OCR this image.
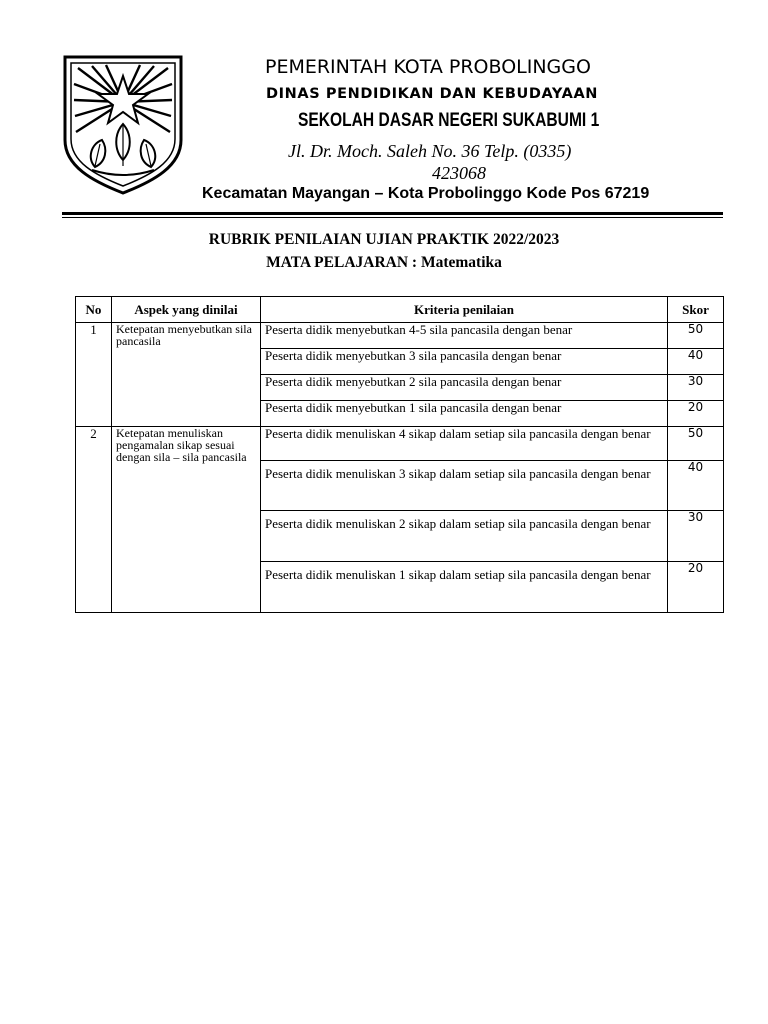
PEMERINTAH KOTA PROBOLINGGO
DINAS PENDIDIKAN DAN KEBUDAYAAN
SEKOLAH DASAR NEGERI SUKABUMI 1
Jl. Dr. Moch. Saleh No. 36 Telp. (0335)
423068
Kecamatan Mayangan – Kota Probolinggo Kode Pos 67219
RUBRIK PENILAIAN UJIAN PRAKTIK 2022/2023
MATA PELAJARAN : Matematika
No	Aspek yang dinilai	Kriteria penilaian	Skor
1	Ketepatan menyebutkan sila pancasila	Peserta didik menyebutkan 4-5 sila pancasila dengan benar	50
		Peserta didik menyebutkan 3 sila pancasila dengan benar	40
		Peserta didik menyebutkan 2 sila pancasila dengan benar	30
		Peserta didik menyebutkan 1 sila pancasila dengan benar	20
2	Ketepatan menuliskan pengamalan sikap sesuai dengan sila – sila pancasila	Peserta didik menuliskan 4 sikap dalam setiap sila pancasila dengan benar	50
		Peserta didik menuliskan 3 sikap dalam setiap sila pancasila dengan benar	40
		Peserta didik menuliskan 2 sikap dalam setiap sila pancasila dengan benar	30
		Peserta didik menuliskan 1 sikap dalam setiap sila pancasila dengan benar	20
